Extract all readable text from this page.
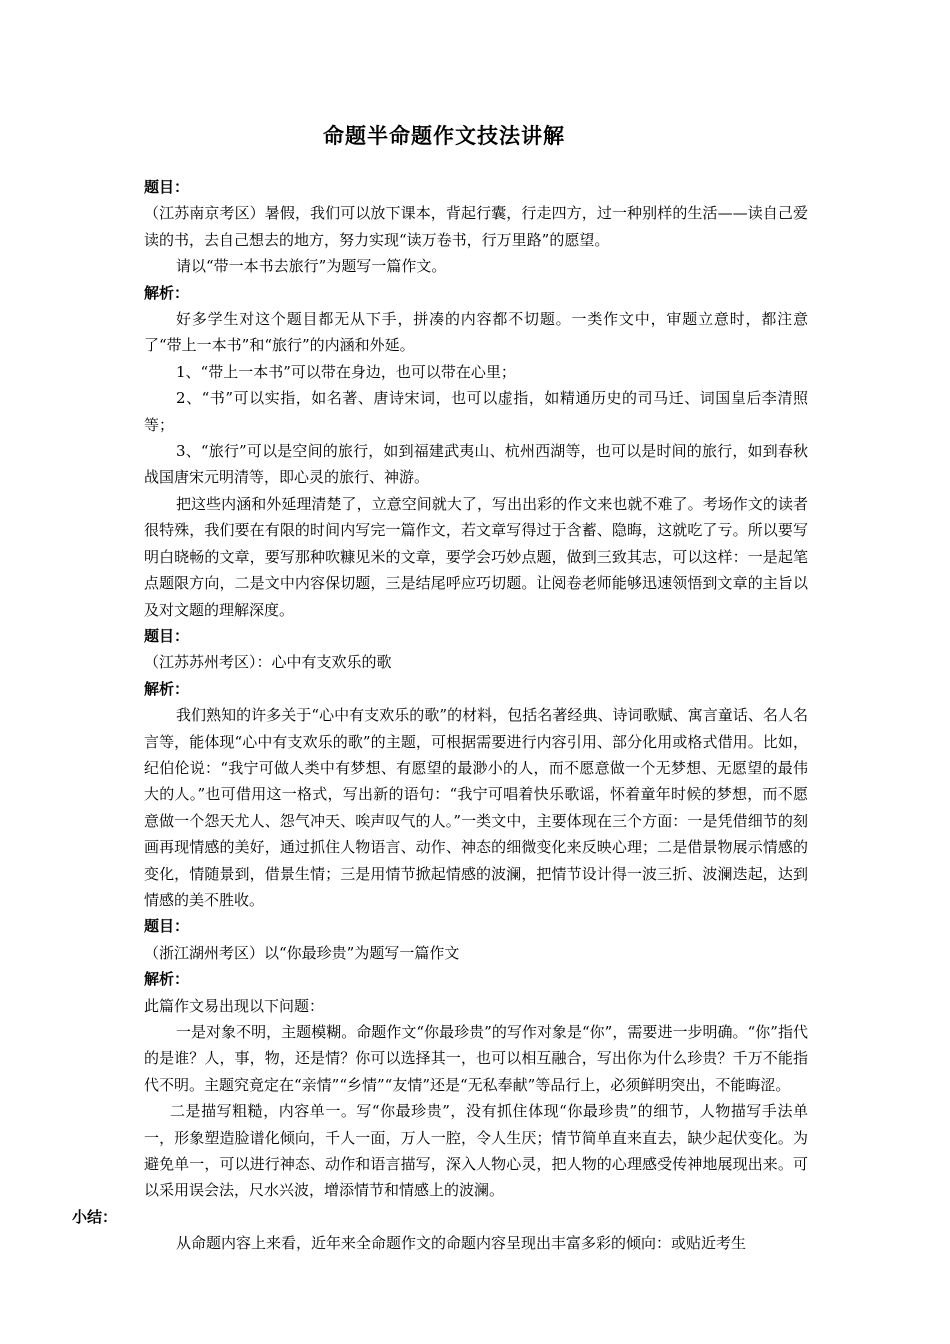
命题半命题作文技法讲解

题目：

（江苏南京考区）暑假，我们可以放下课本，背起行囊，行走四方，过一种别样的生活——读自己爱读的书，去自己想去的地方，努力实现“读万卷书，行万里路”的愿望。

请以“带一本书去旅行”为题写一篇作文。

解析：

好多学生对这个题目都无从下手，拼凑的内容都不切题。一类作文中，审题立意时，都注意了“带上一本书”和“旅行”的内涵和外延。

1、“带上一本书”可以带在身边，也可以带在心里；

2、“书”可以实指，如名著、唐诗宋词，也可以虚指，如精通历史的司马迁、词国皇后李清照等；

3、“旅行”可以是空间的旅行，如到福建武夷山、杭州西湖等，也可以是时间的旅行，如到春秋战国唐宋元明清等，即心灵的旅行、神游。

把这些内涵和外延理清楚了，立意空间就大了，写出出彩的作文来也就不难了。考场作文的读者很特殊，我们要在有限的时间内写完一篇作文，若文章写得过于含蓄、隐晦，这就吃了亏。所以要写明白晓畅的文章，要写那种吹糠见米的文章，要学会巧妙点题，做到三致其志，可以这样：一是起笔点题限方向，二是文中内容保切题，三是结尾呼应巧切题。让阅卷老师能够迅速领悟到文章的主旨以及对文题的理解深度。

题目：

（江苏苏州考区）：心中有支欢乐的歌

解析：

我们熟知的许多关于“心中有支欢乐的歌”的材料，包括名著经典、诗词歌赋、寓言童话、名人名言等，能体现“心中有支欢乐的歌”的主题，可根据需要进行内容引用、部分化用或格式借用。比如，纪伯伦说：“我宁可做人类中有梦想、有愿望的最渺小的人，而不愿意做一个无梦想、无愿望的最伟大的人。”也可借用这一格式，写出新的语句：“我宁可唱着快乐歌谣，怀着童年时候的梦想，而不愿意做一个怨天尤人、怨气冲天、唉声叹气的人。”一类文中，主要体现在三个方面：一是凭借细节的刻画再现情感的美好，通过抓住人物语言、动作、神态的细微变化来反映心理；二是借景物展示情感的变化，情随景到，借景生情；三是用情节掀起情感的波澜，把情节设计得一波三折、波澜迭起，达到情感的美不胜收。

题目：

（浙江湖州考区）以“你最珍贵”为题写一篇作文

解析：

此篇作文易出现以下问题：

一是对象不明，主题模糊。命题作文“你最珍贵”的写作对象是“你”，需要进一步明确。“你”指代的是谁？人，事，物，还是情？你可以选择其一，也可以相互融合，写出你为什么珍贵？千万不能指代不明。主题究竟定在“亲情”“乡情”“友情”还是“无私奉献”等品行上，必须鲜明突出，不能晦涩。

二是描写粗糙，内容单一。写“你最珍贵”，没有抓住体现“你最珍贵”的细节，人物描写手法单一，形象塑造脸谱化倾向，千人一面，万人一腔，令人生厌；情节简单直来直去，缺少起伏变化。为避免单一，可以进行神态、动作和语言描写，深入人物心灵，把人物的心理感受传神地展现出来。可以采用误会法，尺水兴波，增添情节和情感上的波澜。

小结：

从命题内容上来看，近年来全命题作文的命题内容呈现出丰富多彩的倾向：或贴近考生
